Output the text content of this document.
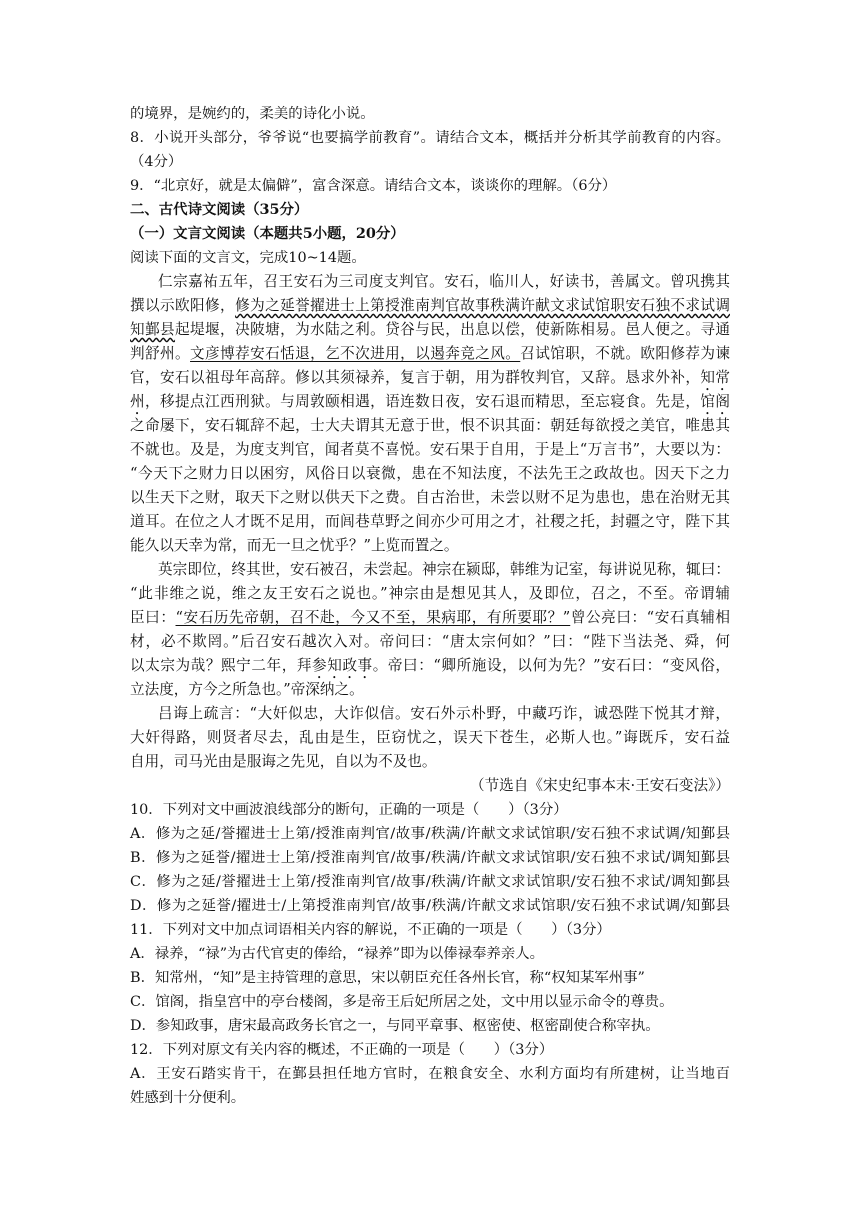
的境界，是婉约的，柔美的诗化小说。
8．小说开头部分，爷爷说“也要搞学前教育”。请结合文本，概括并分析其学前教育的内容。
（4分）
9．“北京好，就是太偏僻”，富含深意。请结合文本，谈谈你的理解。（6分）
二、古代诗文阅读（35分）
（一）文言文阅读（本题共5小题，20分）
阅读下面的文言文，完成10~14题。
仁宗嘉祐五年，召王安石为三司度支判官。安石，临川人，好读书，善属文。曾巩携其
撰以示欧阳修，修为之延誉擢进士上第授淮南判官故事秩满许献文求试馆职安石独不求试调
知鄞县起堤堰，决陂塘，为水陆之利。贷谷与民，出息以偿，使新陈相易。邑人便之。寻通
判舒州。文彦博荐安石恬退，乞不次进用，以遏奔竞之风。召试馆职，不就。欧阳修荐为谏
官，安石以祖母年高辞。修以其须禄养，复言于朝，用为群牧判官，又辞。恳求外补，知常
州，移提点江西刑狱。与周敦颐相遇，语连数日夜，安石退而精思，至忘寝食。先是，馆阁
之命屡下，安石辄辞不起，士大夫谓其无意于世，恨不识其面：朝廷每欲授之美官，唯患其
不就也。及是，为度支判官，闻者莫不喜悦。安石果于自用，于是上“万言书”，大要以为：
“今天下之财力日以困穷，风俗日以衰微，患在不知法度，不法先王之政故也。因天下之力
以生天下之财，取天下之财以供天下之费。自古治世，未尝以财不足为患也，患在治财无其
道耳。在位之人才既不足用，而闾巷草野之间亦少可用之才，社稷之托，封疆之守，陛下其
能久以天幸为常，而无一旦之忧乎？”上览而置之。
英宗即位，终其世，安石被召，未尝起。神宗在颍邸，韩维为记室，每讲说见称，辄曰：
“此非维之说，维之友王安石之说也。”神宗由是想见其人，及即位，召之，不至。帝谓辅
臣曰：“安石历先帝朝，召不赴，今又不至，果病耶，有所要耶？”曾公亮曰：“安石真辅相
材，必不欺罔。”后召安石越次入对。帝问曰：“唐太宗何如？”曰：“陛下当法尧、舜，何
以太宗为哉？熙宁二年，拜参知政事。帝曰：“卿所施设，以何为先？”安石曰：“变风俗，
立法度，方今之所急也。”帝深纳之。
吕诲上疏言：“大奸似忠，大诈似信。安石外示朴野，中藏巧诈，诚恐陛下悦其才辩，
大奸得路，则贤者尽去，乱由是生，臣窃忧之，误天下苍生，必斯人也。”诲既斥，安石益
自用，司马光由是服诲之先见，自以为不及也。
（节选自《宋史纪事本末·王安石变法》）
10．下列对文中画波浪线部分的断句，正确的一项是（　　）（3分）
A．修为之延/誉擢进士上第/授淮南判官/故事/秩满/许献文求试馆职/安石独不求试调/知鄞县
B．修为之延誉/擢进士上第/授淮南判官/故事/秩满/许献文求试馆职/安石独不求试/调知鄞县
C．修为之延/誉擢进士上第/授淮南判官/故事/秩满/许献文求试馆职/安石独不求试/调知鄞县
D．修为之延誉/擢进士/上第授淮南判官/故事/秩满/许献文求试馆职/安石独不求试调/知鄞县
11．下列对文中加点词语相关内容的解说，不正确的一项是（　　）（3分）
A．禄养，“禄”为古代官吏的俸给，“禄养”即为以俸禄奉养亲人。
B．知常州，“知”是主持管理的意思，宋以朝臣充任各州长官，称“权知某军州事”
C．馆阁，指皇宫中的亭台楼阁，多是帝王后妃所居之处，文中用以显示命令的尊贵。
D．参知政事，唐宋最高政务长官之一，与同平章事、枢密使、枢密副使合称宰执。
12．下列对原文有关内容的概述，不正确的一项是（　　）（3分）
A．王安石踏实肯干，在鄞县担任地方官时，在粮食安全、水利方面均有所建树，让当地百
姓感到十分便利。
